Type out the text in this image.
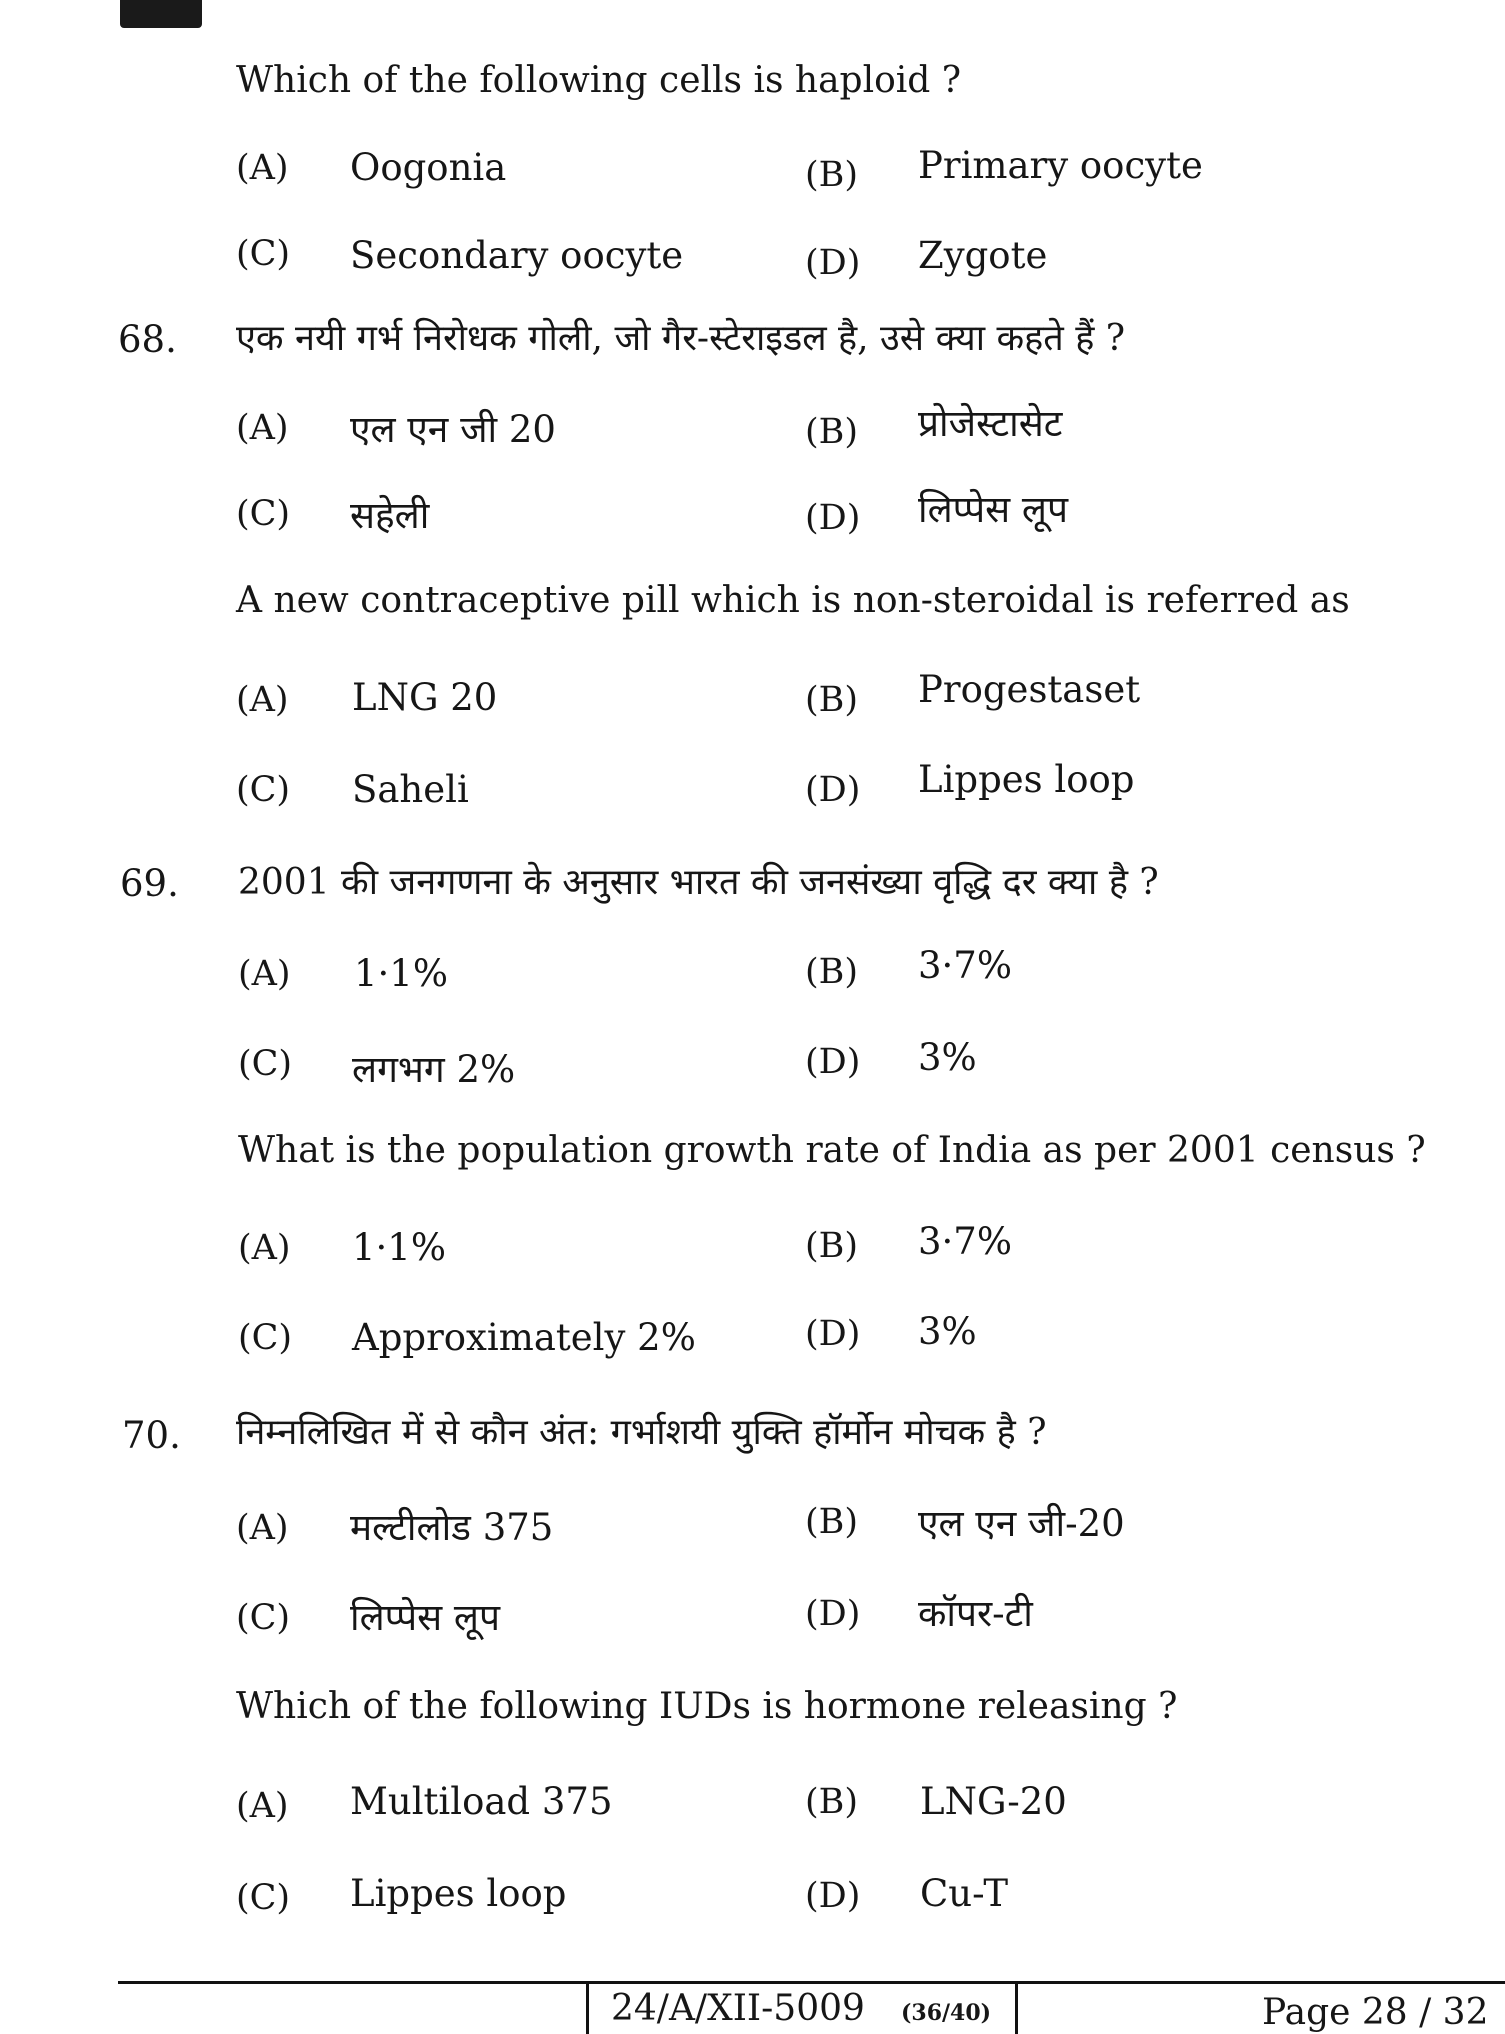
Which of the following cells is haploid ?
(A) Oogonia	(B) Primary oocyte
(C) Secondary oocyte	(D) Zygote
68. एक नयी गर्भ निरोधक गोली, जो गैर-स्टेराइडल है, उसे क्या कहते हैं ?
(A) एल एन जी 20	(B) प्रोजेस्टासेट
(C) सहेली	(D) लिप्पेस लूप
A new contraceptive pill which is non-steroidal is referred as
(A) LNG 20	(B) Progestaset
(C) Saheli	(D) Lippes loop
69. 2001 की जनगणना के अनुसार भारत की जनसंख्या वृद्धि दर क्या है ?
(A) 1·1%	(B) 3·7%
(C) लगभग 2%	(D) 3%
What is the population growth rate of India as per 2001 census ?
(A) 1·1%	(B) 3·7%
(C) Approximately 2%	(D) 3%
70. निम्नलिखित में से कौन अंत: गर्भाशयी युक्ति हॉर्मोन मोचक है ?
(A) मल्टीलोड 375	(B) एल एन जी-20
(C) लिप्पेस लूप	(D) कॉपर-टी
Which of the following IUDs is hormone releasing ?
(A) Multiload 375	(B) LNG-20
(C) Lippes loop	(D) Cu-T
24/A/XII-5009 (36/40)	Page 28 / 32
